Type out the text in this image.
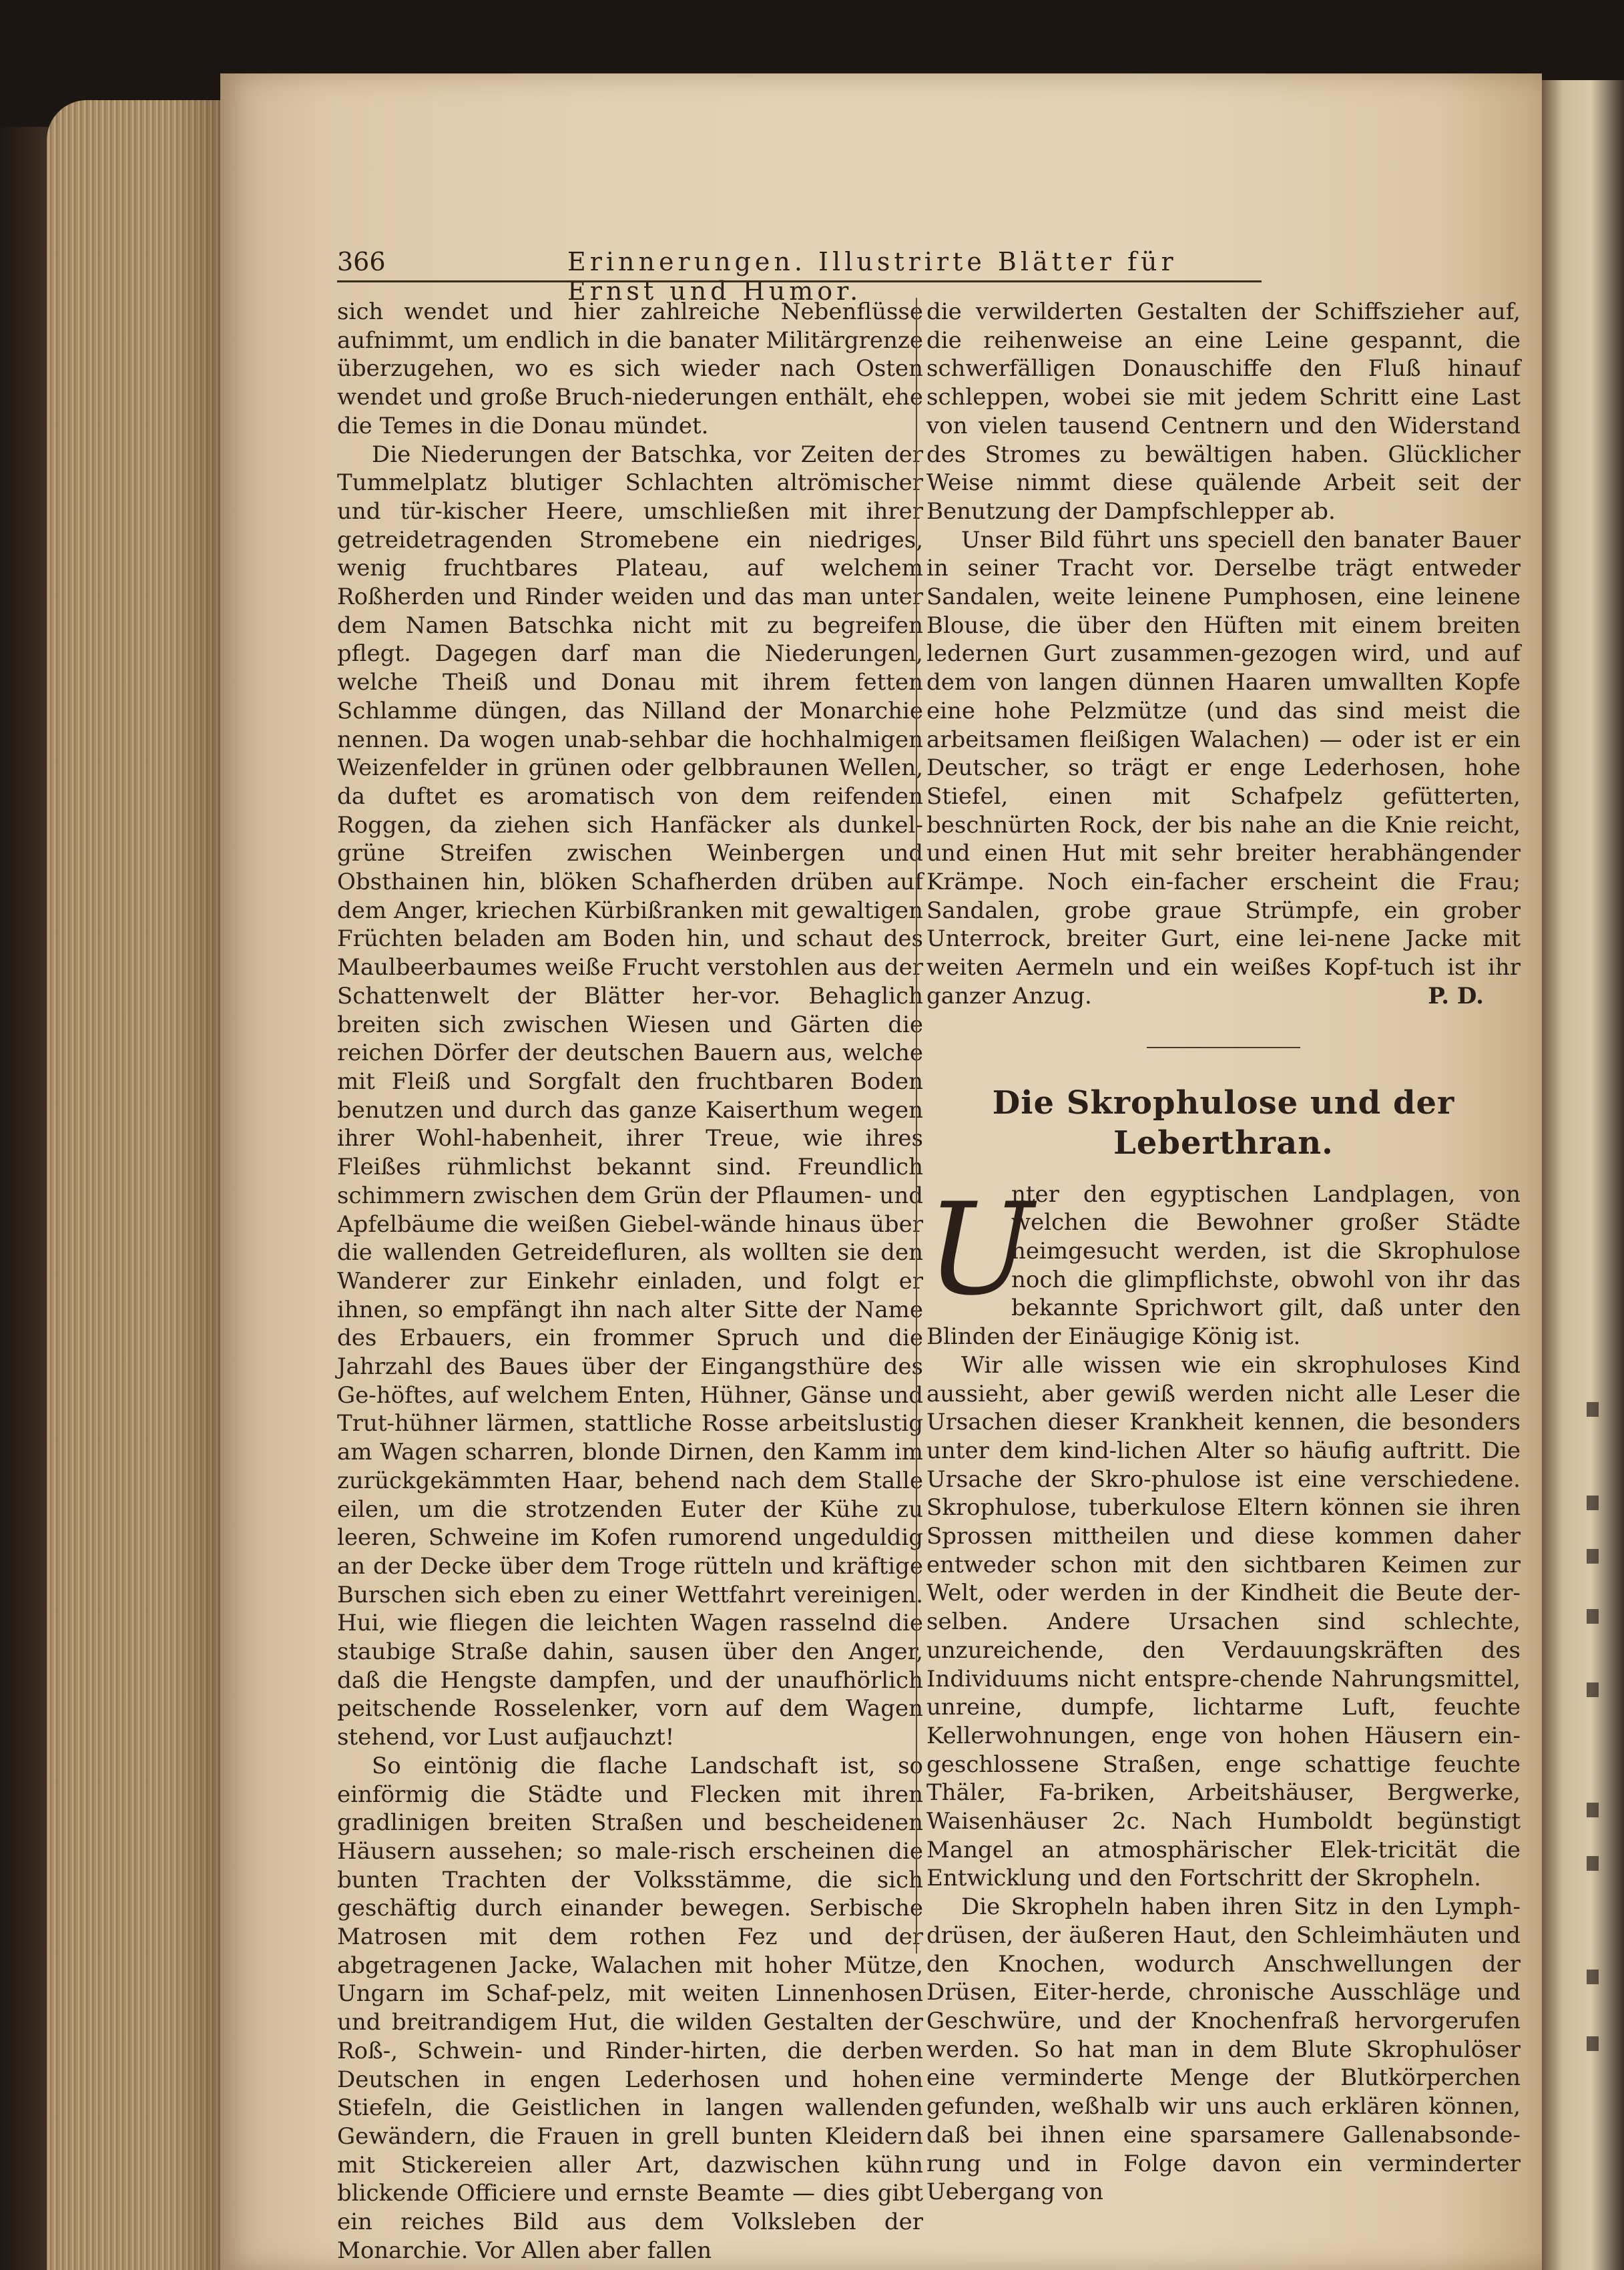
366	Erinnerungen. Illustrirte Blätter für Ernst und Humor.

sich wendet und hier zahlreiche Nebenflüsse aufnimmt, um endlich in die banater Militärgrenze überzugehen, wo es sich wieder nach Osten wendet und große Bruch-niederungen enthält, ehe die Temes in die Donau mündet.

Die Niederungen der Batschka, vor Zeiten der Tummelplatz blutiger Schlachten altrömischer und tür-kischer Heere, umschließen mit ihrer getreidetragenden Stromebene ein niedriges, wenig fruchtbares Plateau, auf welchem Roßherden und Rinder weiden und das man unter dem Namen Batschka nicht mit zu begreifen pflegt. Dagegen darf man die Niederungen, welche Theiß und Donau mit ihrem fetten Schlamme düngen, das Nilland der Monarchie nennen. Da wogen unab-sehbar die hochhalmigen Weizenfelder in grünen oder gelbbraunen Wellen, da duftet es aromatisch von dem reifenden Roggen, da ziehen sich Hanfäcker als dunkel-grüne Streifen zwischen Weinbergen und Obsthainen hin, blöken Schafherden drüben auf dem Anger, kriechen Kürbißranken mit gewaltigen Früchten beladen am Boden hin, und schaut des Maulbeerbaumes weiße Frucht verstohlen aus der Schattenwelt der Blätter her-vor. Behaglich breiten sich zwischen Wiesen und Gärten die reichen Dörfer der deutschen Bauern aus, welche mit Fleiß und Sorgfalt den fruchtbaren Boden benutzen und durch das ganze Kaiserthum wegen ihrer Wohl-habenheit, ihrer Treue, wie ihres Fleißes rühmlichst bekannt sind. Freundlich schimmern zwischen dem Grün der Pflaumen- und Apfelbäume die weißen Giebel-wände hinaus über die wallenden Getreidefluren, als wollten sie den Wanderer zur Einkehr einladen, und folgt er ihnen, so empfängt ihn nach alter Sitte der Name des Erbauers, ein frommer Spruch und die Jahrzahl des Baues über der Eingangsthüre des Ge-höftes, auf welchem Enten, Hühner, Gänse und Trut-hühner lärmen, stattliche Rosse arbeitslustig am Wagen scharren, blonde Dirnen, den Kamm im zurückgekämmten Haar, behend nach dem Stalle eilen, um die strotzenden Euter der Kühe zu leeren, Schweine im Kofen rumorend ungeduldig an der Decke über dem Troge rütteln und kräftige Burschen sich eben zu einer Wettfahrt vereinigen. Hui, wie fliegen die leichten Wagen rasselnd die staubige Straße dahin, sausen über den Anger, daß die Hengste dampfen, und der unaufhörlich peitschende Rosselenker, vorn auf dem Wagen stehend, vor Lust aufjauchzt!

So eintönig die flache Landschaft ist, so einförmig die Städte und Flecken mit ihren gradlinigen breiten Straßen und bescheidenen Häusern aussehen; so male-risch erscheinen die bunten Trachten der Volksstämme, die sich geschäftig durch einander bewegen. Serbische Matrosen mit dem rothen Fez und der abgetragenen Jacke, Walachen mit hoher Mütze, Ungarn im Schaf-pelz, mit weiten Linnenhosen und breitrandigem Hut, die wilden Gestalten der Roß-, Schwein- und Rinder-hirten, die derben Deutschen in engen Lederhosen und hohen Stiefeln, die Geistlichen in langen wallenden Gewändern, die Frauen in grell bunten Kleidern mit Stickereien aller Art, dazwischen kühn blickende Officiere und ernste Beamte — dies gibt ein reiches Bild aus dem Volksleben der Monarchie. Vor Allen aber fallen

die verwilderten Gestalten der Schiffszieher auf, die reihenweise an eine Leine gespannt, die schwerfälligen Donauschiffe den Fluß hinauf schleppen, wobei sie mit jedem Schritt eine Last von vielen tausend Centnern und den Widerstand des Stromes zu bewältigen haben. Glücklicher Weise nimmt diese quälende Arbeit seit der Benutzung der Dampfschlepper ab.

Unser Bild führt uns speciell den banater Bauer in seiner Tracht vor. Derselbe trägt entweder Sandalen, weite leinene Pumphosen, eine leinene Blouse, die über den Hüften mit einem breiten ledernen Gurt zusammen-gezogen wird, und auf dem von langen dünnen Haaren umwallten Kopfe eine hohe Pelzmütze (und das sind meist die arbeitsamen fleißigen Walachen) — oder ist er ein Deutscher, so trägt er enge Lederhosen, hohe Stiefel, einen mit Schafpelz gefütterten, beschnürten Rock, der bis nahe an die Knie reicht, und einen Hut mit sehr breiter herabhängender Krämpe. Noch ein-facher erscheint die Frau; Sandalen, grobe graue Strümpfe, ein grober Unterrock, breiter Gurt, eine lei-nene Jacke mit weiten Aermeln und ein weißes Kopf-tuch ist ihr ganzer Anzug.	P. D.

Die Skrophulose und der Leberthran.

U

nter den egyptischen Landplagen, von welchen die Bewohner großer Städte heimgesucht werden, ist die Skrophulose noch die glimpflichste, obwohl von ihr das bekannte Sprichwort gilt, daß unter den Blinden der Einäugige König ist.

Wir alle wissen wie ein skrophuloses Kind aussieht, aber gewiß werden nicht alle Leser die Ursachen dieser Krankheit kennen, die besonders unter dem kind-lichen Alter so häufig auftritt. Die Ursache der Skro-phulose ist eine verschiedene. Skrophulose, tuberkulose Eltern können sie ihren Sprossen mittheilen und diese kommen daher entweder schon mit den sichtbaren Keimen zur Welt, oder werden in der Kindheit die Beute der-selben. Andere Ursachen sind schlechte, unzureichende, den Verdauungskräften des Individuums nicht entspre-chende Nahrungsmittel, unreine, dumpfe, lichtarme Luft, feuchte Kellerwohnungen, enge von hohen Häusern ein-geschlossene Straßen, enge schattige feuchte Thäler, Fa-briken, Arbeitshäuser, Bergwerke, Waisenhäuser 2c. Nach Humboldt begünstigt Mangel an atmosphärischer Elek-tricität die Entwicklung und den Fortschritt der Skropheln.

Die Skropheln haben ihren Sitz in den Lymph-drüsen, der äußeren Haut, den Schleimhäuten und den Knochen, wodurch Anschwellungen der Drüsen, Eiter-herde, chronische Ausschläge und Geschwüre, und der Knochenfraß hervorgerufen werden. So hat man in dem Blute Skrophulöser eine verminderte Menge der Blutkörperchen gefunden, weßhalb wir uns auch erklären können, daß bei ihnen eine sparsamere Gallenabsonde-rung und in Folge davon ein verminderter Uebergang von
